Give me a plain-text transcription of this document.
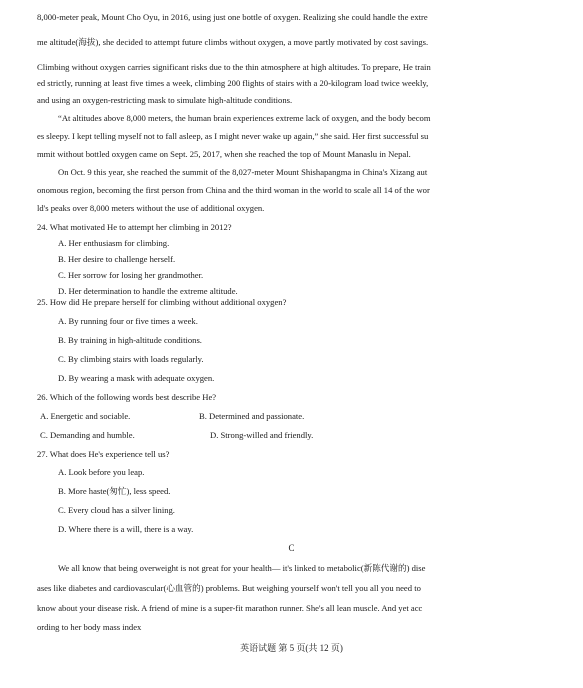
8,000-meter peak, Mount Cho Oyu, in 2016, using just one bottle of oxygen. Realizing she could handle the extre
me altitude(海拔), she decided to attempt future climbs without oxygen, a move partly motivated by cost savings.
Climbing without oxygen carries significant risks due to the thin atmosphere at high altitudes. To prepare, He train
ed strictly, running at least five times a week, climbing 200 flights of stairs with a 20-kilogram load twice weekly,
and using an oxygen-restricting mask to simulate high-altitude conditions.
“At altitudes above 8,000 meters, the human brain experiences extreme lack of oxygen, and the body becom
es sleepy. I kept telling myself not to fall asleep, as I might never wake up again,” she said. Her first successful su
mmit without bottled oxygen came on Sept. 25, 2017, when she reached the top of Mount Manaslu in Nepal.
On Oct. 9 this year, she reached the summit of the 8,027-meter Mount Shishapangma in China's Xizang aut
onomous region, becoming the first person from China and the third woman in the world to scale all 14 of the wor
ld's peaks over 8,000 meters without the use of additional oxygen.
24. What motivated He to attempt her climbing in 2012?
A. Her enthusiasm for climbing.
B. Her desire to challenge herself.
C. Her sorrow for losing her grandmother.
D. Her determination to handle the extreme altitude.
25. How did He prepare herself for climbing without additional oxygen?
A. By running four or five times a week.
B. By training in high-altitude conditions.
C. By climbing stairs with loads regularly.
D. By wearing a mask with adequate oxygen.
26. Which of the following words best describe He?
A. Energetic and sociable.	B. Determined and passionate.
C. Demanding and humble.	D. Strong-willed and friendly.
27. What does He's experience tell us?
A. Look before you leap.
B. More haste(匆忙), less speed.
C. Every cloud has a silver lining.
D. Where there is a will, there is a way.
C
We all know that being overweight is not great for your health— it's linked to metabolic(新陈代谢的) dise
ases like diabetes and cardiovascular(心血管的) problems. But weighing yourself won't tell you all you need to
know about your disease risk. A friend of mine is a super-fit marathon runner. She's all lean muscle. And yet acc
ording to her body mass index
英语试题 第 5 页(共 12 页)
